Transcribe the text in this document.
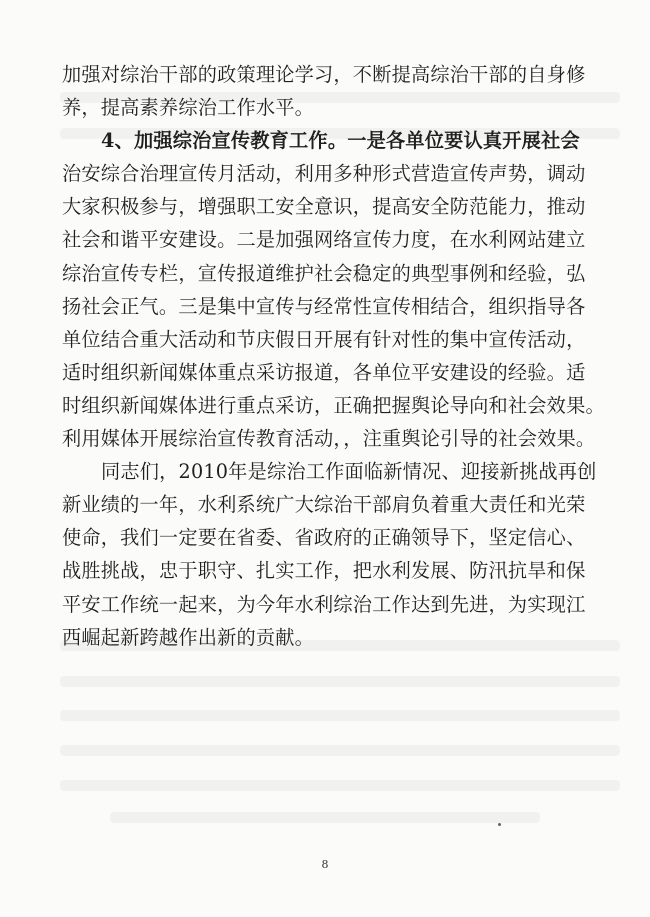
加强对综治干部的政策理论学习，不断提高综治干部的自身修
养，提高素养综治工作水平。
4、加强综治宣传教育工作。一是各单位要认真开展社会
治安综合治理宣传月活动，利用多种形式营造宣传声势，调动
大家积极参与，增强职工安全意识，提高安全防范能力，推动
社会和谐平安建设。二是加强网络宣传力度，在水利网站建立
综治宣传专栏，宣传报道维护社会稳定的典型事例和经验，弘
扬社会正气。三是集中宣传与经常性宣传相结合，组织指导各
单位结合重大活动和节庆假日开展有针对性的集中宣传活动，
适时组织新闻媒体重点采访报道，各单位平安建设的经验。适
时组织新闻媒体进行重点采访，正确把握舆论导向和社会效果。
利用媒体开展综治宣传教育活动，，注重舆论引导的社会效果。
同志们，2010年是综治工作面临新情况、迎接新挑战再创
新业绩的一年，水利系统广大综治干部肩负着重大责任和光荣
使命，我们一定要在省委、省政府的正确领导下，坚定信心、
战胜挑战，忠于职守、扎实工作，把水利发展、防汛抗旱和保
平安工作统一起来，为今年水利综治工作达到先进，为实现江
西崛起新跨越作出新的贡献。
8
